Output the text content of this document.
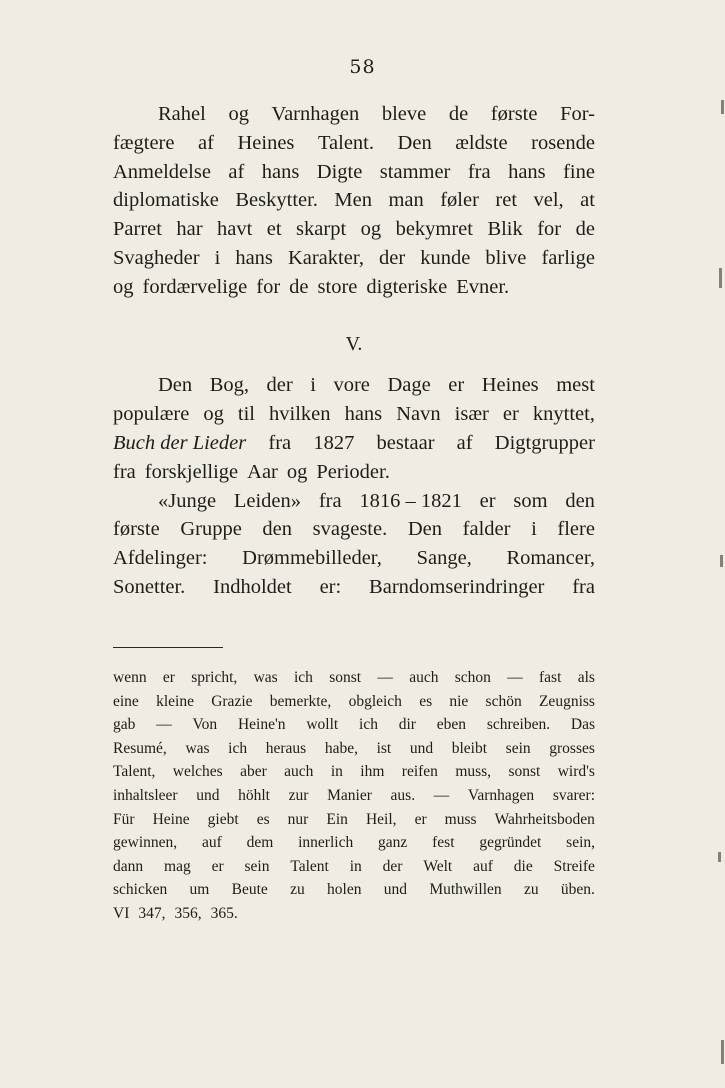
58
Rahel og Varnhagen bleve de første For-
fægtere af Heines Talent. Den ældste rosende
Anmeldelse af hans Digte stammer fra hans fine
diplomatiske Beskytter. Men man føler ret vel, at
Parret har havt et skarpt og bekymret Blik for de
Svagheder i hans Karakter, der kunde blive farlige
og fordærvelige for de store digteriske Evner.
V.
Den Bog, der i vore Dage er Heines mest
populære og til hvilken hans Navn især er knyttet,
Buch der Lieder fra 1827 bestaar af Digtgrupper
fra forskjellige Aar og Perioder.
«Junge Leiden» fra 1816 – 1821 er som den
første Gruppe den svageste. Den falder i flere
Afdelinger: Drømmebilleder, Sange, Romancer,
Sonetter. Indholdet er: Barndomserindringer fra
wenn er spricht, was ich sonst — auch schon — fast als
eine kleine Grazie bemerkte, obgleich es nie schön Zeugniss
gab — Von Heine'n wollt ich dir eben schreiben. Das
Resumé, was ich heraus habe, ist und bleibt sein grosses
Talent, welches aber auch in ihm reifen muss, sonst wird's
inhaltsleer und höhlt zur Manier aus. — Varnhagen svarer:
Für Heine giebt es nur Ein Heil, er muss Wahrheitsboden
gewinnen, auf dem innerlich ganz fest gegründet sein,
dann mag er sein Talent in der Welt auf die Streife
schicken um Beute zu holen und Muthwillen zu üben.
VI 347, 356, 365.
